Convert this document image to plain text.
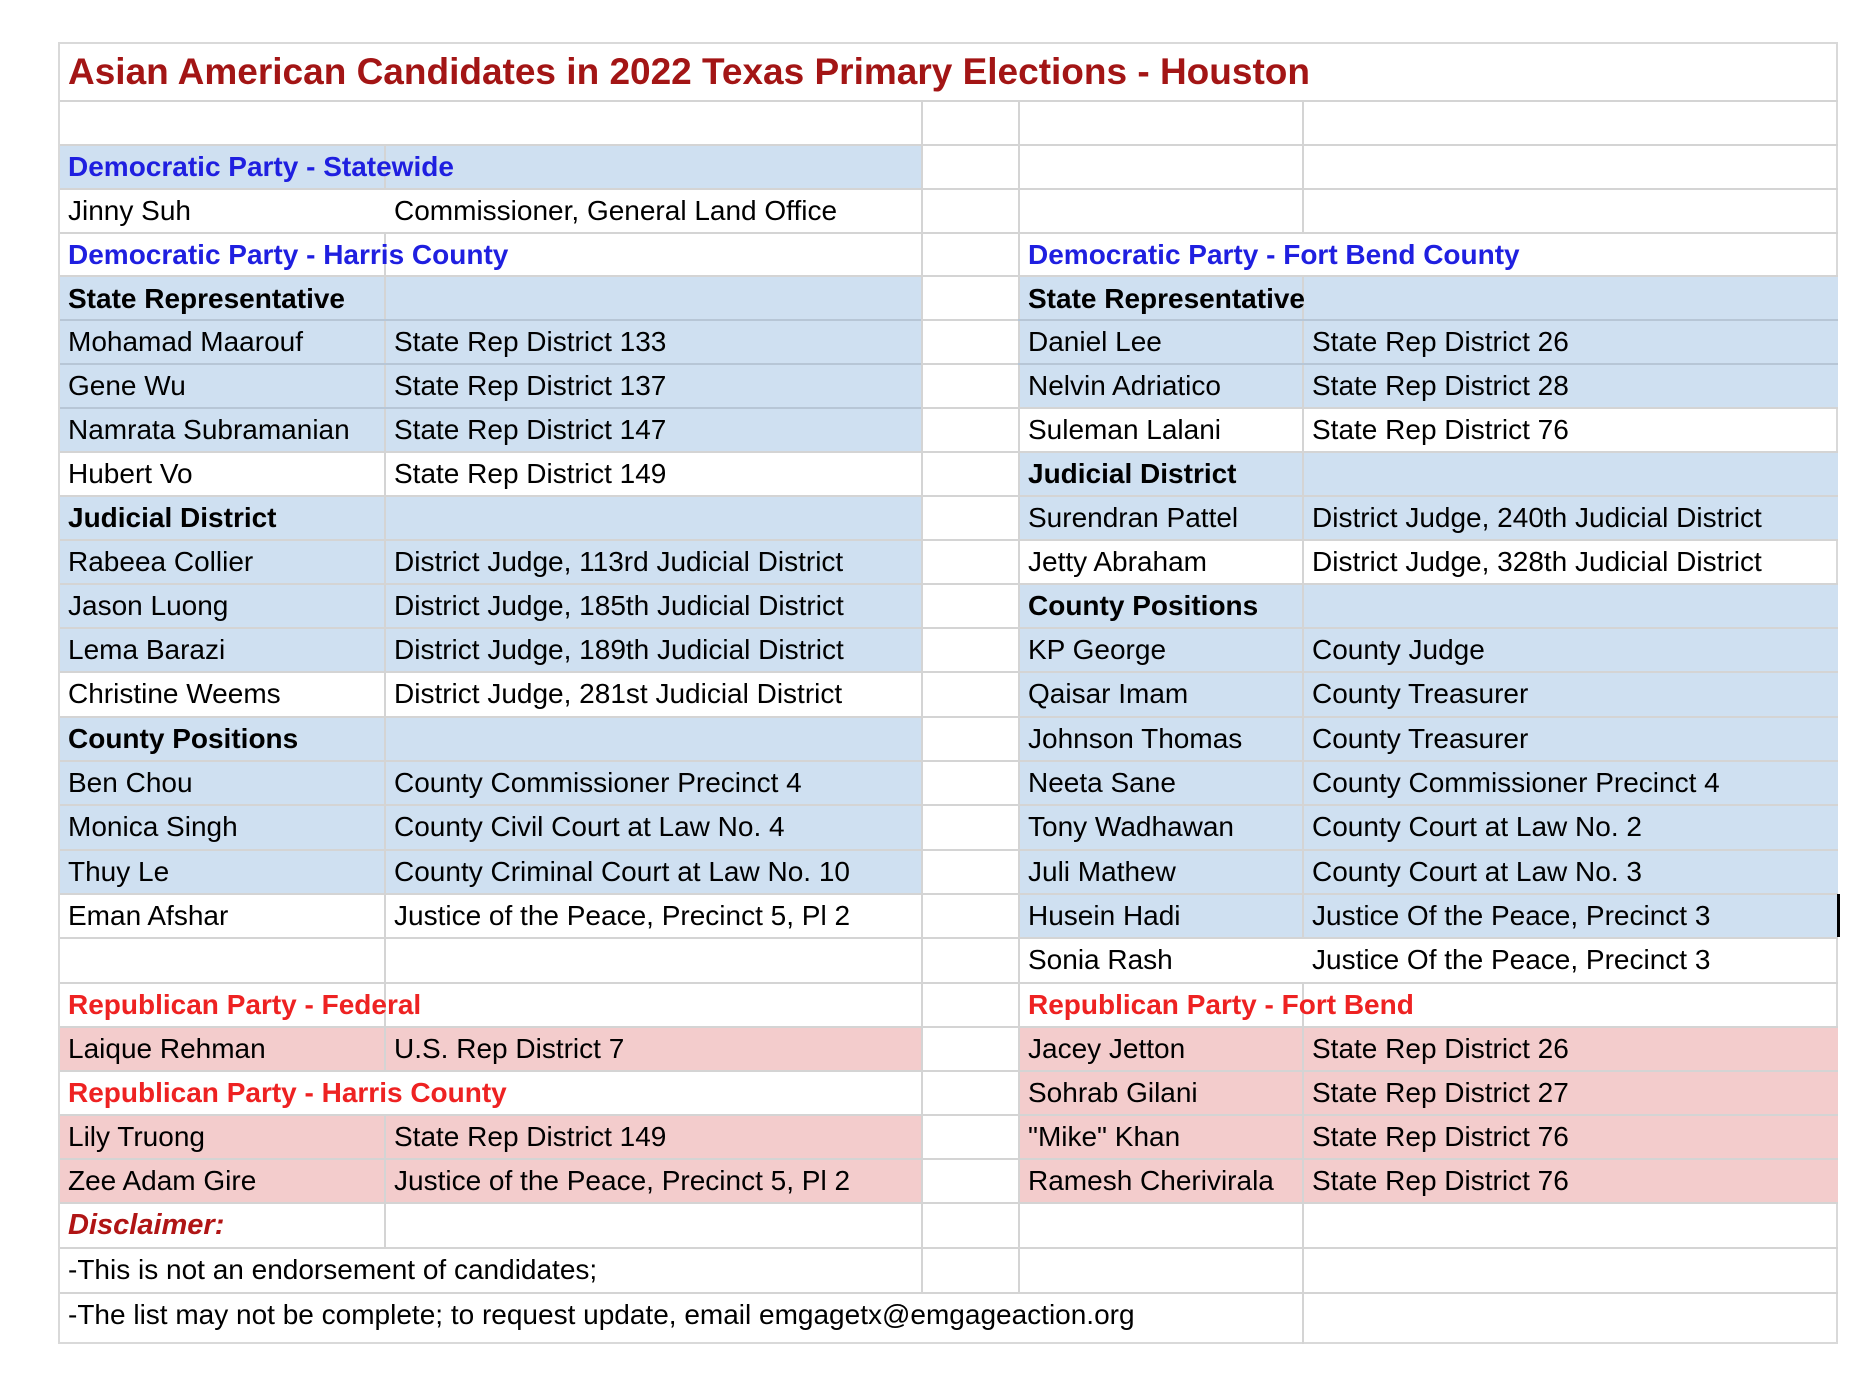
Asian American Candidates in 2022 Texas Primary Elections - Houston
Democratic Party - Statewide
Jinny Suh	Commissioner, General Land Office
Democratic Party - Harris County
State Representative
Mohamad Maarouf	State Rep District 133
Gene Wu	State Rep District 137
Namrata Subramanian State Rep District 147
Hubert Vo	State Rep District 149
Judicial District
Rabeea Collier	District Judge, 113rd Judicial District
Jason Luong	District Judge, 185th Judicial District
Lema Barazi	District Judge, 189th Judicial District
Christine Weems	District Judge, 281st Judicial District
County Positions
Ben Chou	County Commissioner Precinct 4
Monica Singh	County Civil Court at Law No. 4
Thuy Le	County Criminal Court at Law No. 10
Eman Afshar	Justice of the Peace, Precinct 5, Pl 2
Republican Party - Federal
Laique Rehman	U.S. Rep District 7
Republican Party - Harris County
Lily Truong	State Rep District 149
Zee Adam Gire	Justice of the Peace, Precinct 5, Pl 2
Disclaimer:
-This is not an endorsement of candidates;
-The list may not be complete; to request update, email emgagetx@emgageaction.org
Democratic Party - Fort Bend County
State Representative
Daniel Lee	State Rep District 26
Nelvin Adriatico	State Rep District 28
Suleman Lalani	State Rep District 76
Judicial District
Surendran Pattel	District Judge, 240th Judicial District
Jetty Abraham	District Judge, 328th Judicial District
County Positions
KP George	County Judge
Qaisar Imam	County Treasurer
Johnson Thomas County Treasurer
Neeta Sane	County Commissioner Precinct 4
Tony Wadhawan	County Court at Law No. 2
Juli Mathew	County Court at Law No. 3
Husein Hadi	Justice Of the Peace, Precinct 3
Sonia Rash	Justice Of the Peace, Precinct 3
Republican Party - Fort Bend
Jacey Jetton	State Rep District 26
Sohrab Gilani	State Rep District 27
"Mike" Khan	State Rep District 76
Ramesh Cherivirala State Rep District 76
